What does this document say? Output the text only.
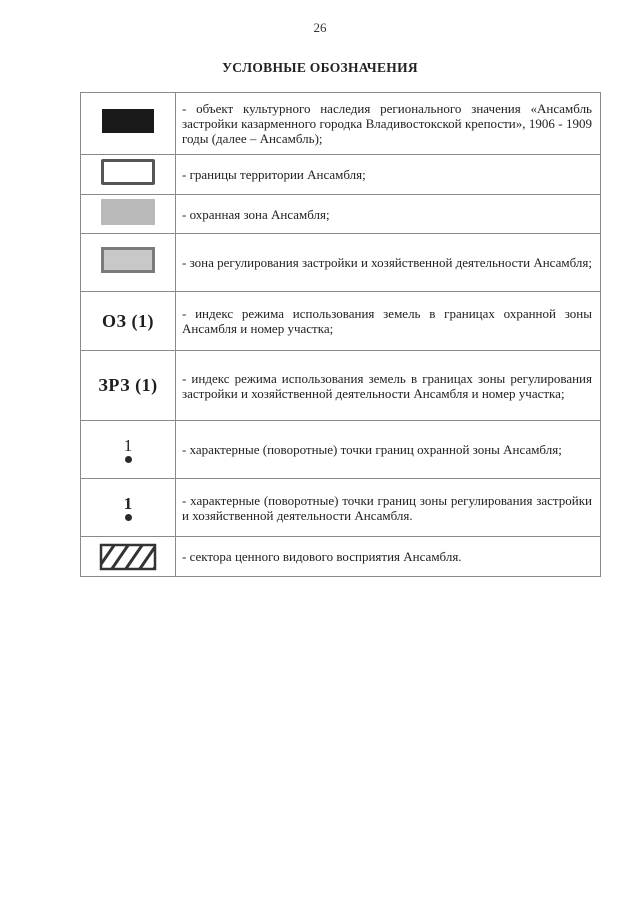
26
УСЛОВНЫЕ ОБОЗНАЧЕНИЯ
	- объект культурного наследия регионального значения «Ансамбль застройки казарменного городка Владивостокской крепости», 1906 - 1909 годы (далее – Ансамбль);
	- границы территории Ансамбля;
	- охранная зона Ансамбля;
	- зона регулирования застройки и хозяйственной деятельности Ансамбля;
ОЗ (1)	- индекс режима использования земель в границах охранной зоны Ансамбля и номер участка;
ЗРЗ (1)	- индекс режима использования земель в границах зоны регулирования застройки и хозяйственной деятельности Ансамбля и номер участка;

1	- характерные (поворотные) точки границ охранной зоны Ансамбля;

1	- характерные (поворотные) точки границ зоны регулирования застройки и хозяйственной деятельности Ансамбля.

	- сектора ценного видового восприятия Ансамбля.
